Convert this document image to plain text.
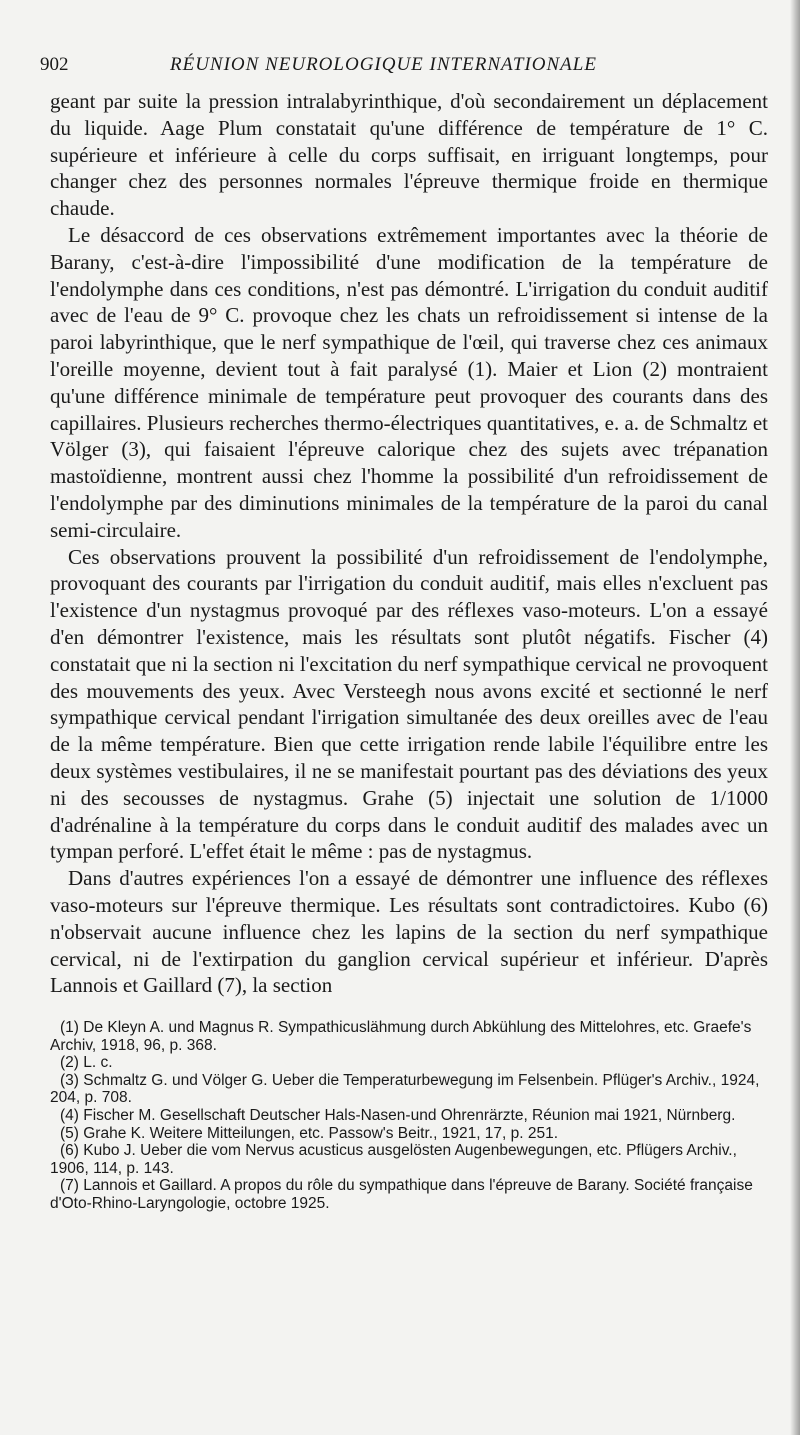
902	RÉUNION NEUROLOGIQUE INTERNATIONALE

geant par suite la pression intralabyrinthique, d'où secondairement un déplacement du liquide. Aage Plum constatait qu'une différence de température de 1° C. supérieure et inférieure à celle du corps suffisait, en irriguant longtemps, pour changer chez des personnes normales l'épreuve thermique froide en thermique chaude.

Le désaccord de ces observations extrêmement importantes avec la théorie de Barany, c'est-à-dire l'impossibilité d'une modification de la température de l'endolymphe dans ces conditions, n'est pas démontré. L'irrigation du conduit auditif avec de l'eau de 9° C. provoque chez les chats un refroidissement si intense de la paroi labyrinthique, que le nerf sympathique de l'œil, qui traverse chez ces animaux l'oreille moyenne, devient tout à fait paralysé (1). Maier et Lion (2) montraient qu'une différence minimale de température peut provoquer des courants dans des capillaires. Plusieurs recherches thermo-électriques quantitatives, e. a. de Schmaltz et Völger (3), qui faisaient l'épreuve calorique chez des sujets avec trépanation mastoïdienne, montrent aussi chez l'homme la possibilité d'un refroidissement de l'endolymphe par des diminutions minimales de la température de la paroi du canal semi-circulaire.

Ces observations prouvent la possibilité d'un refroidissement de l'endolymphe, provoquant des courants par l'irrigation du conduit auditif, mais elles n'excluent pas l'existence d'un nystagmus provoqué par des réflexes vaso-moteurs. L'on a essayé d'en démontrer l'existence, mais les résultats sont plutôt négatifs. Fischer (4) constatait que ni la section ni l'excitation du nerf sympathique cervical ne provoquent des mouvements des yeux. Avec Versteegh nous avons excité et sectionné le nerf sympathique cervical pendant l'irrigation simultanée des deux oreilles avec de l'eau de la même température. Bien que cette irrigation rende labile l'équilibre entre les deux systèmes vestibulaires, il ne se manifestait pourtant pas des déviations des yeux ni des secousses de nystagmus. Grahe (5) injectait une solution de 1/1000 d'adrénaline à la température du corps dans le conduit auditif des malades avec un tympan perforé. L'effet était le même : pas de nystagmus.

Dans d'autres expériences l'on a essayé de démontrer une influence des réflexes vaso-moteurs sur l'épreuve thermique. Les résultats sont contradictoires. Kubo (6) n'observait aucune influence chez les lapins de la section du nerf sympathique cervical, ni de l'extirpation du ganglion cervical supérieur et inférieur. D'après Lannois et Gaillard (7), la section

(1) De Kleyn A. und Magnus R. Sympathicuslähmung durch Abkühlung des Mittelohres, etc. Graefe's Archiv, 1918, 96, p. 368.

(2) L. c.

(3) Schmaltz G. und Völger G. Ueber die Temperaturbewegung im Felsenbein. Pflüger's Archiv., 1924, 204, p. 708.

(4) Fischer M. Gesellschaft Deutscher Hals-Nasen-und Ohrenrärzte, Réunion mai 1921, Nürnberg.

(5) Grahe K. Weitere Mitteilungen, etc. Passow's Beitr., 1921, 17, p. 251.

(6) Kubo J. Ueber die vom Nervus acusticus ausgelösten Augenbewegungen, etc. Pflügers Archiv., 1906, 114, p. 143.

(7) Lannois et Gaillard. A propos du rôle du sympathique dans l'épreuve de Barany. Société française d'Oto-Rhino-Laryngologie, octobre 1925.
